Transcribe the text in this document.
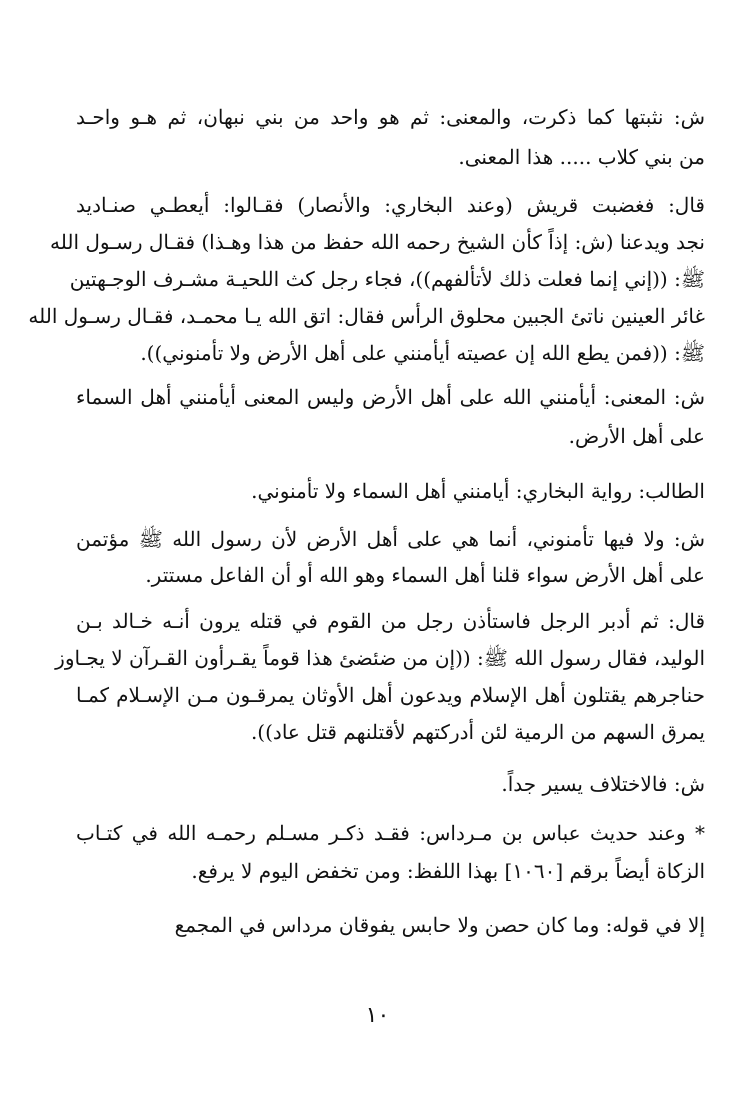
ش: نثبتها كما ذكرت، والمعنى: ثم هو واحد من بني نبهان، ثم هـو واحـد
من بني كلاب ..... هذا المعنى.
قال: فغضبت قريش (وعند البخاري: والأنصار) فقـالوا: أيعطـي صنـاديد
نجد ويدعنا (ش: إذاً كأن الشيخ رحمه الله حفظ من هذا وهـذا) فقـال رسـول الله
ﷺ: ((إني إنما فعلت ذلك لأتألفهم))، فجاء رجل كث اللحيـة مشـرف الوجـهتين
غائر العينين ناتئ الجبين محلوق الرأس فقال: اتق الله يـا محمـد، فقـال رسـول الله
ﷺ: ((فمن يطع الله إن عصيته أيأمنني على أهل الأرض ولا تأمنوني)).
ش: المعنى: أيأمنني الله على أهل الأرض وليس المعنى أيأمنني أهل السماء
على أهل الأرض.
الطالب: رواية البخاري: أيامنني أهل السماء ولا تأمنوني.
ش: ولا فيها تأمنوني، أنما هي على أهل الأرض لأن رسول الله ﷺ مؤتمن
على أهل الأرض سواء قلنا أهل السماء وهو الله أو أن الفاعل مستتر.
قال: ثم أدبر الرجل فاستأذن رجل من القوم في قتله يرون أنـه خـالد بـن
الوليد، فقال رسول الله ﷺ: ((إن من ضئضئ هذا قوماً يقـرأون القـرآن لا يجـاوز
حناجرهم يقتلون أهل الإسلام ويدعون أهل الأوثان يمرقـون مـن الإسـلام كمـا
يمرق السهم من الرمية لئن أدركتهم لأقتلنهم قتل عاد)).
ش: فالاختلاف يسير جداً.
* وعند حديث عباس بن مـرداس: فقـد ذكـر مسـلم رحمـه الله في كتـاب
الزكاة أيضاً برقم [١٠٦٠] بهذا اللفظ: ومن تخفض اليوم لا يرفع.
إلا في قوله: وما كان حصن ولا حابس يفوقان مرداس في المجمع
١٠
